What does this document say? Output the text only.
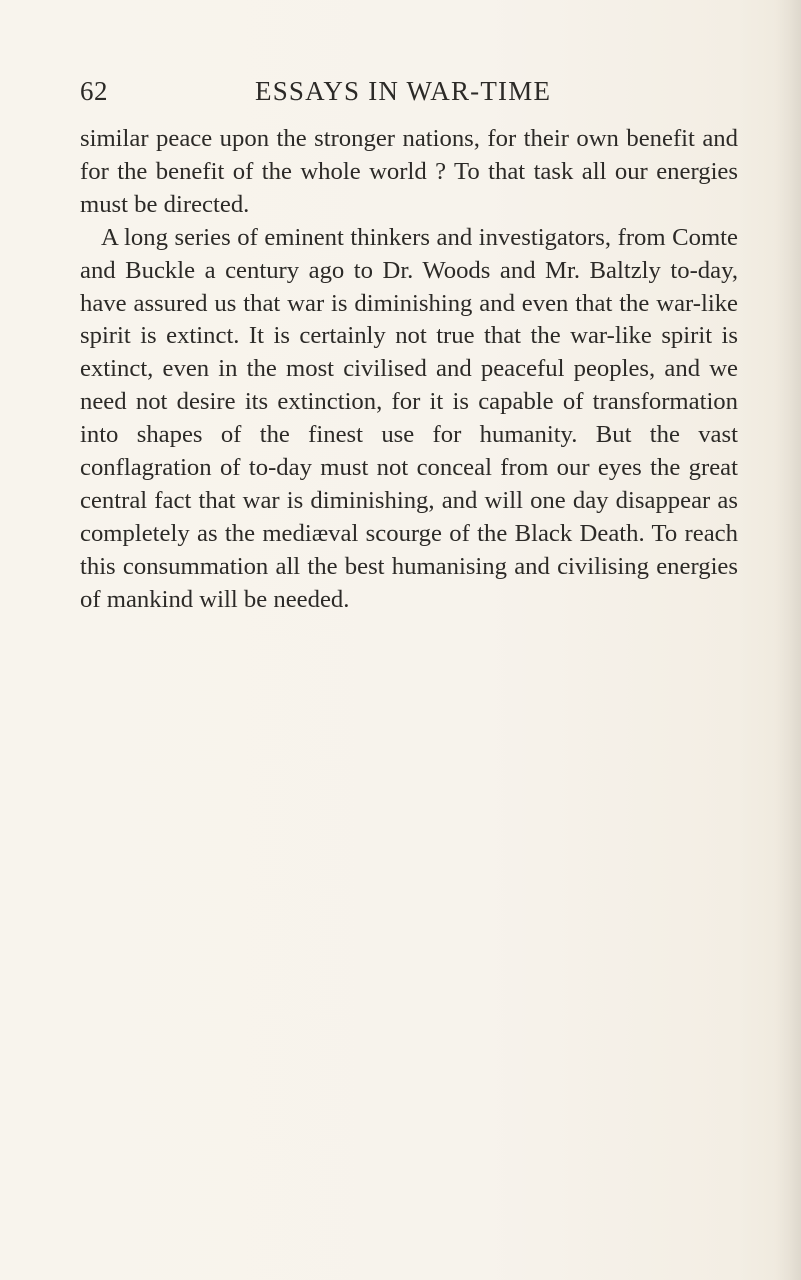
62	ESSAYS IN WAR-TIME

similar peace upon the stronger nations, for their own benefit and for the benefit of the whole world ? To that task all our energies must be directed.

A long series of eminent thinkers and investigators, from Comte and Buckle a century ago to Dr. Woods and Mr. Baltzly to-day, have assured us that war is diminishing and even that the war-like spirit is extinct. It is certainly not true that the war-like spirit is extinct, even in the most civilised and peaceful peoples, and we need not desire its extinction, for it is capable of transformation into shapes of the finest use for humanity. But the vast conflagration of to-day must not conceal from our eyes the great central fact that war is diminishing, and will one day disappear as completely as the mediæval scourge of the Black Death. To reach this consummation all the best humanising and civilising energies of mankind will be needed.
